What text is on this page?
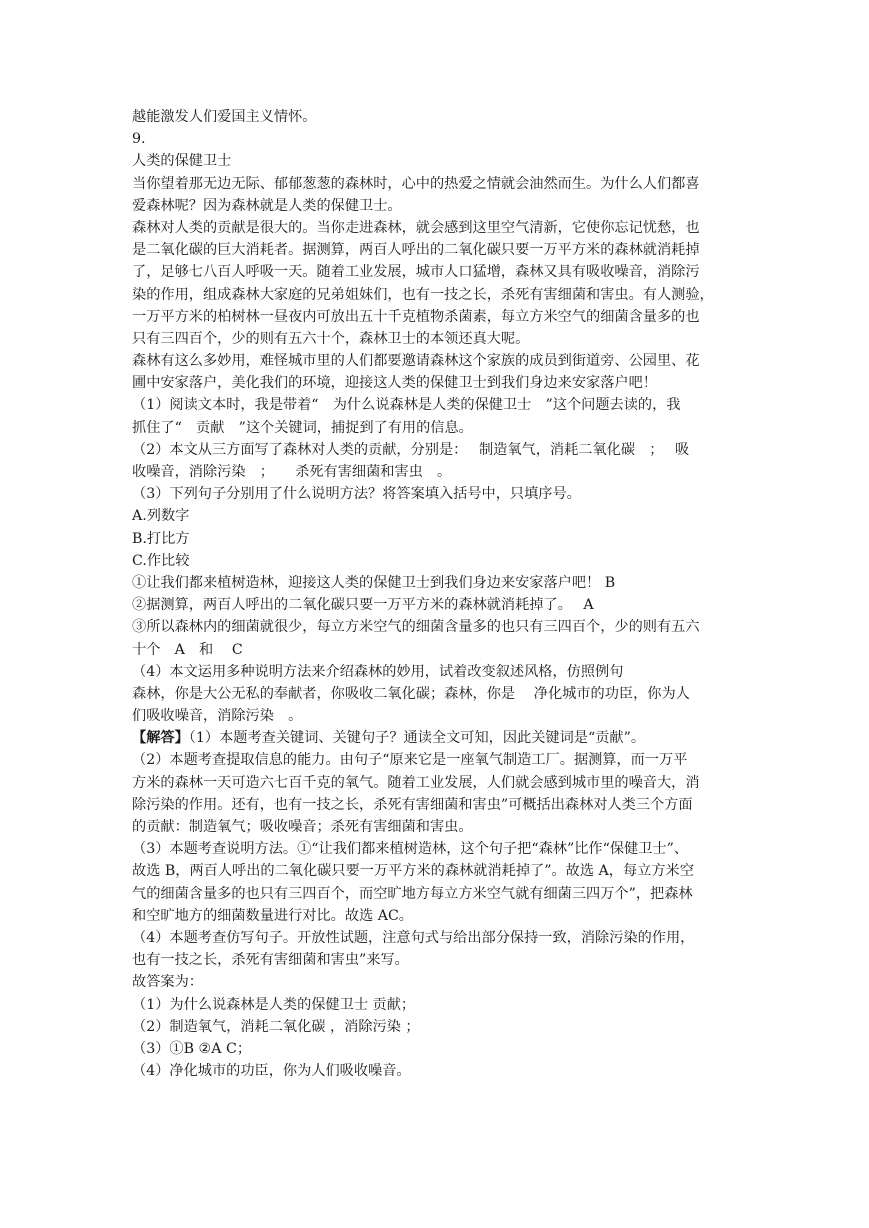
越能激发人们爱国主义情怀。
9.
人类的保健卫士
当你望着那无边无际、郁郁葱葱的森林时，心中的热爱之情就会油然而生。为什么人们都喜
爱森林呢？因为森林就是人类的保健卫士。
森林对人类的贡献是很大的。当你走进森林，就会感到这里空气清新，它使你忘记忧愁，也
是二氧化碳的巨大消耗者。据测算，两百人呼出的二氧化碳只要一万平方米的森林就消耗掉
了，足够七八百人呼吸一天。随着工业发展，城市人口猛增，森林又具有吸收噪音，消除污
染的作用，组成森林大家庭的兄弟姐妹们，也有一技之长，杀死有害细菌和害虫。有人测验，
一万平方米的柏树林一昼夜内可放出五十千克植物杀菌素，每立方米空气的细菌含量多的也
只有三四百个，少的则有五六十个，森林卫士的本领还真大呢。
森林有这么多妙用，难怪城市里的人们都要邀请森林这个家族的成员到街道旁、公园里、花
圃中安家落户，美化我们的环境，迎接这人类的保健卫士到我们身边来安家落户吧！
（1）阅读文本时，我是带着“　为什么说森林是人类的保健卫士　”这个问题去读的，我
抓住了“　贡献　”这个关键词，捕捉到了有用的信息。
（2）本文从三方面写了森林对人类的贡献，分别是：　 制造氧气，消耗二氧化碳　；　 吸
收噪音，消除污染　；　　杀死有害细菌和害虫　。
（3）下列句子分别用了什么说明方法？将答案填入括号中，只填序号。
A.列数字
B.打比方
C.作比较
①让我们都来植树造林，迎接这人类的保健卫士到我们身边来安家落户吧！ B
②据测算，两百人呼出的二氧化碳只要一万平方米的森林就消耗掉了。　 A
③所以森林内的细菌就很少，每立方米空气的细菌含量多的也只有三四百个，少的则有五六
十个　A　和　 C
（4）本文运用多种说明方法来介绍森林的妙用，试着改变叙述风格，仿照例句
森林，你是大公无私的奉献者，你吸收二氧化碳；森林，你是　 净化城市的功臣，你为人
们吸收噪音，消除污染　。
【解答】（1）本题考查关键词、关键句子？通读全文可知，因此关键词是“贡献”。
（2）本题考查提取信息的能力。由句子“原来它是一座氧气制造工厂。据测算，而一万平
方米的森林一天可造六七百千克的氧气。随着工业发展，人们就会感到城市里的噪音大，消
除污染的作用。还有，也有一技之长，杀死有害细菌和害虫”可概括出森林对人类三个方面
的贡献：制造氧气；吸收噪音；杀死有害细菌和害虫。
（3）本题考查说明方法。①“让我们都来植树造林，这个句子把“森林”比作“保健卫士”、
故选 B，两百人呼出的二氧化碳只要一万平方米的森林就消耗掉了”。故选 A，每立方米空
气的细菌含量多的也只有三四百个，而空旷地方每立方米空气就有细菌三四万个”，把森林
和空旷地方的细菌数量进行对比。故选 AC。
（4）本题考查仿写句子。开放性试题，注意句式与给出部分保持一致，消除污染的作用，
也有一技之长，杀死有害细菌和害虫”来写。
故答案为：
（1）为什么说森林是人类的保健卫士 贡献；
（2）制造氧气，消耗二氧化碳 ，消除污染 ；
（3）①B ②A C；
（4）净化城市的功臣，你为人们吸收噪音。
